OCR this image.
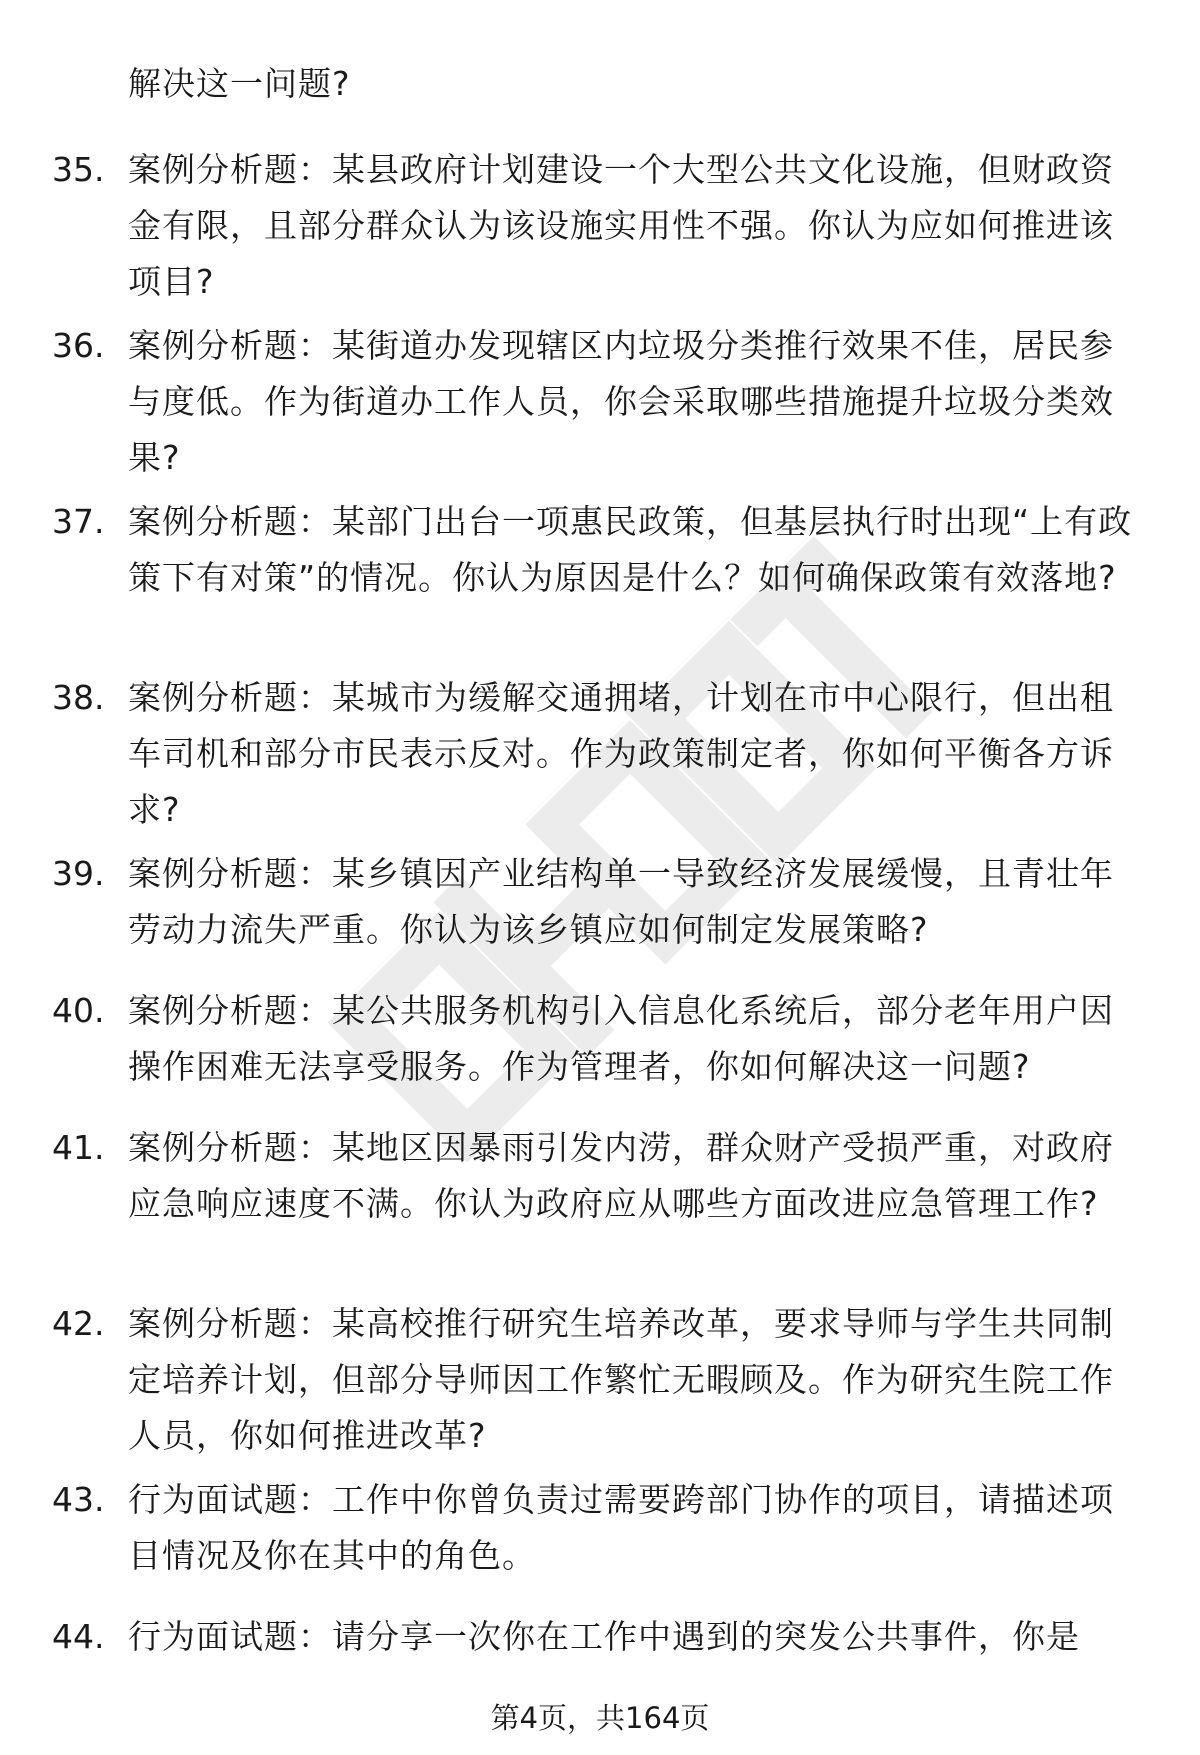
解决这一问题?
35. 案例分析题：某县政府计划建设一个大型公共文化设施，但财政资金有限，且部分群众认为该设施实用性不强。你认为应如何推进该项目?
36. 案例分析题：某街道办发现辖区内垃圾分类推行效果不佳，居民参与度低。作为街道办工作人员，你会采取哪些措施提升垃圾分类效果?
37. 案例分析题：某部门出台一项惠民政策，但基层执行时出现“上有政策下有对策”的情况。你认为原因是什么？如何确保政策有效落地?
38. 案例分析题：某城市为缓解交通拥堵，计划在市中心限行，但出租车司机和部分市民表示反对。作为政策制定者，你如何平衡各方诉求?
39. 案例分析题：某乡镇因产业结构单一导致经济发展缓慢，且青壮年劳动力流失严重。你认为该乡镇应如何制定发展策略?
40. 案例分析题：某公共服务机构引入信息化系统后，部分老年用户因操作困难无法享受服务。作为管理者，你如何解决这一问题?
41. 案例分析题：某地区因暴雨引发内涝，群众财产受损严重，对政府应急响应速度不满。你认为政府应从哪些方面改进应急管理工作?
42. 案例分析题：某高校推行研究生培养改革，要求导师与学生共同制定培养计划，但部分导师因工作繁忙无暇顾及。作为研究生院工作人员，你如何推进改革?
43. 行为面试题：工作中你曾负责过需要跨部门协作的项目，请描述项目情况及你在其中的角色。
44. 行为面试题：请分享一次你在工作中遇到的突发公共事件，你是
第4页，共164页
